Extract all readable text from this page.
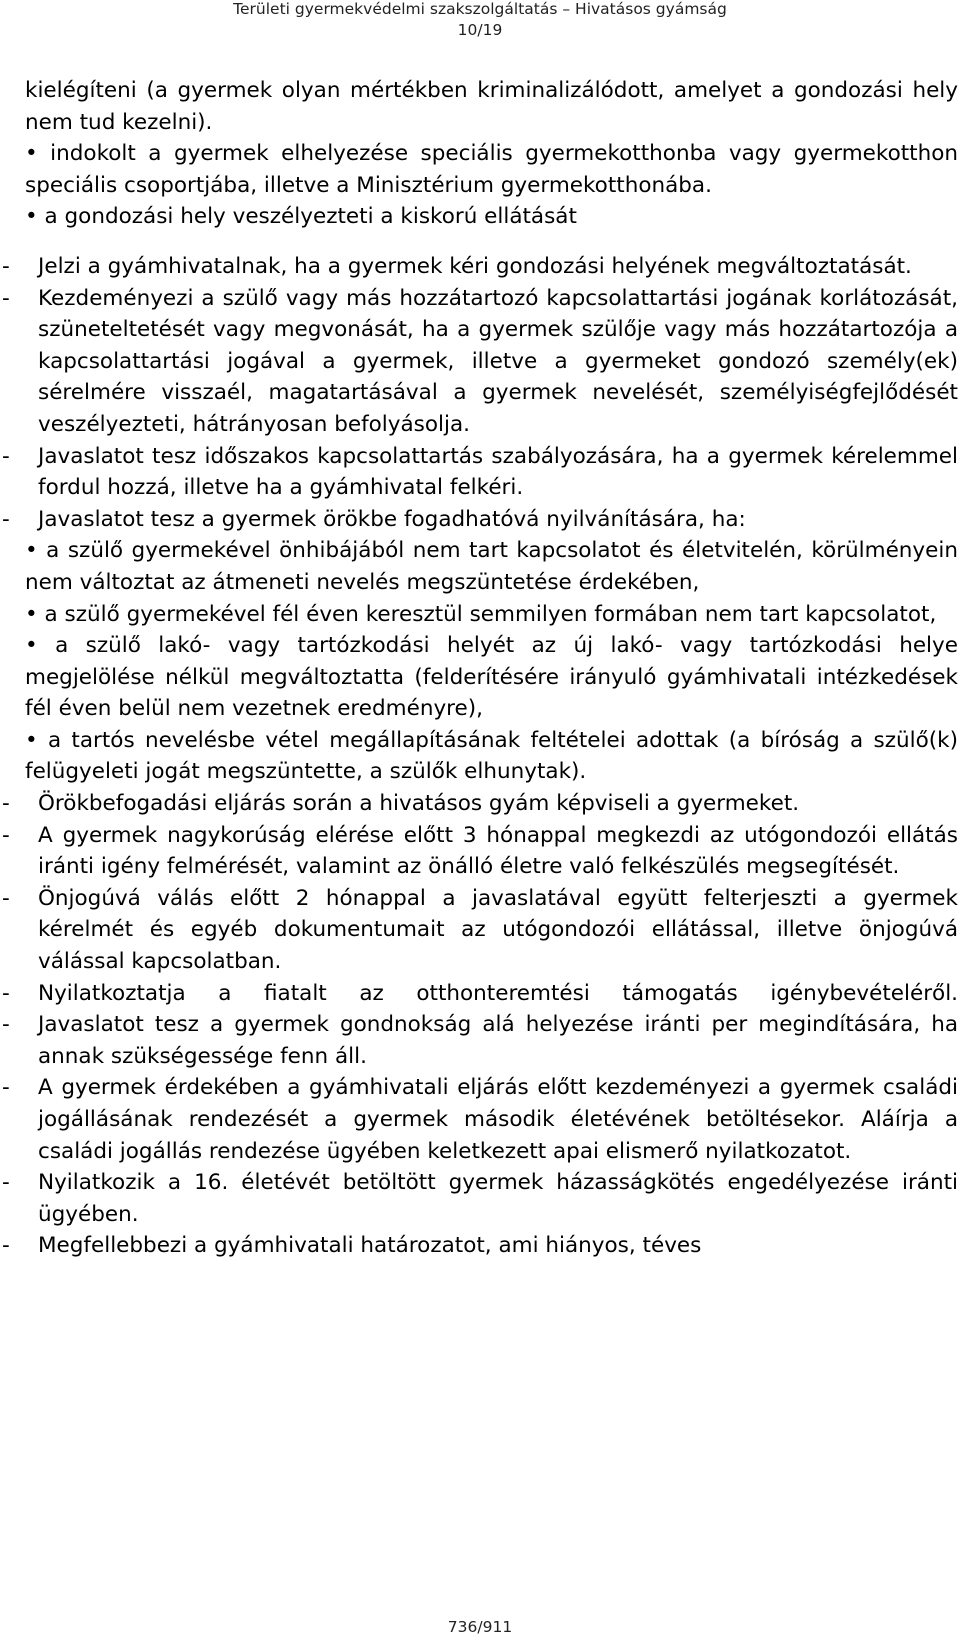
Területi gyermekvédelmi szakszolgáltatás – Hivatásos gyámság
10/19

kielégíteni (a gyermek olyan mértékben kriminalizálódott, amelyet a gondozási hely nem tud kezelni).

• indokolt a gyermek elhelyezése speciális gyermekotthonba vagy gyermekotthon speciális csoportjába, illetve a Minisztérium gyermekotthonába.

• a gondozási hely veszélyezteti a kiskorú ellátását

- Jelzi a gyámhivatalnak, ha a gyermek kéri gondozási helyének megváltoztatását.

- Kezdeményezi a szülő vagy más hozzátartozó kapcsolattartási jogának korlátozását, szüneteltetését vagy megvonását, ha a gyermek szülője vagy más hozzátartozója a kapcsolattartási jogával a gyermek, illetve a gyermeket gondozó személy(ek) sérelmére visszaél, magatartásával a gyermek nevelését, személyiségfejlődését veszélyezteti, hátrányosan befolyásolja.

- Javaslatot tesz időszakos kapcsolattartás szabályozására, ha a gyermek kérelemmel fordul hozzá, illetve ha a gyámhivatal felkéri.

- Javaslatot tesz a gyermek örökbe fogadhatóvá nyilvánítására, ha:

• a szülő gyermekével önhibájából nem tart kapcsolatot és életvitelén, körülményein nem változtat az átmeneti nevelés megszüntetése érdekében,

• a szülő gyermekével fél éven keresztül semmilyen formában nem tart kapcsolatot,

• a szülő lakó- vagy tartózkodási helyét az új lakó- vagy tartózkodási helye megjelölése nélkül megváltoztatta (felderítésére irányuló gyámhivatali intézkedések fél éven belül nem vezetnek eredményre),

• a tartós nevelésbe vétel megállapításának feltételei adottak (a bíróság a szülő(k) felügyeleti jogát megszüntette, a szülők elhunytak).

- Örökbefogadási eljárás során a hivatásos gyám képviseli a gyermeket.

- A gyermek nagykorúság elérése előtt 3 hónappal megkezdi az utógondozói ellátás iránti igény felmérését, valamint az önálló életre való felkészülés megsegítését.

- Önjogúvá válás előtt 2 hónappal a javaslatával együtt felterjeszti a gyermek kérelmét és egyéb dokumentumait az utógondozói ellátással, illetve önjogúvá válással kapcsolatban.

- Nyilatkoztatja a fiatalt az otthonteremtési támogatás igénybevételéről.

- Javaslatot tesz a gyermek gondnokság alá helyezése iránti per megindítására, ha annak szükségessége fenn áll.

- A gyermek érdekében a gyámhivatali eljárás előtt kezdeményezi a gyermek családi jogállásának rendezését a gyermek második életévének betöltésekor. Aláírja a családi jogállás rendezése ügyében keletkezett apai elismerő nyilatkozatot.

- Nyilatkozik a 16. életévét betöltött gyermek házasságkötés engedélyezése iránti ügyében.

- Megfellebbezi a gyámhivatali határozatot, ami hiányos, téves

736/911
